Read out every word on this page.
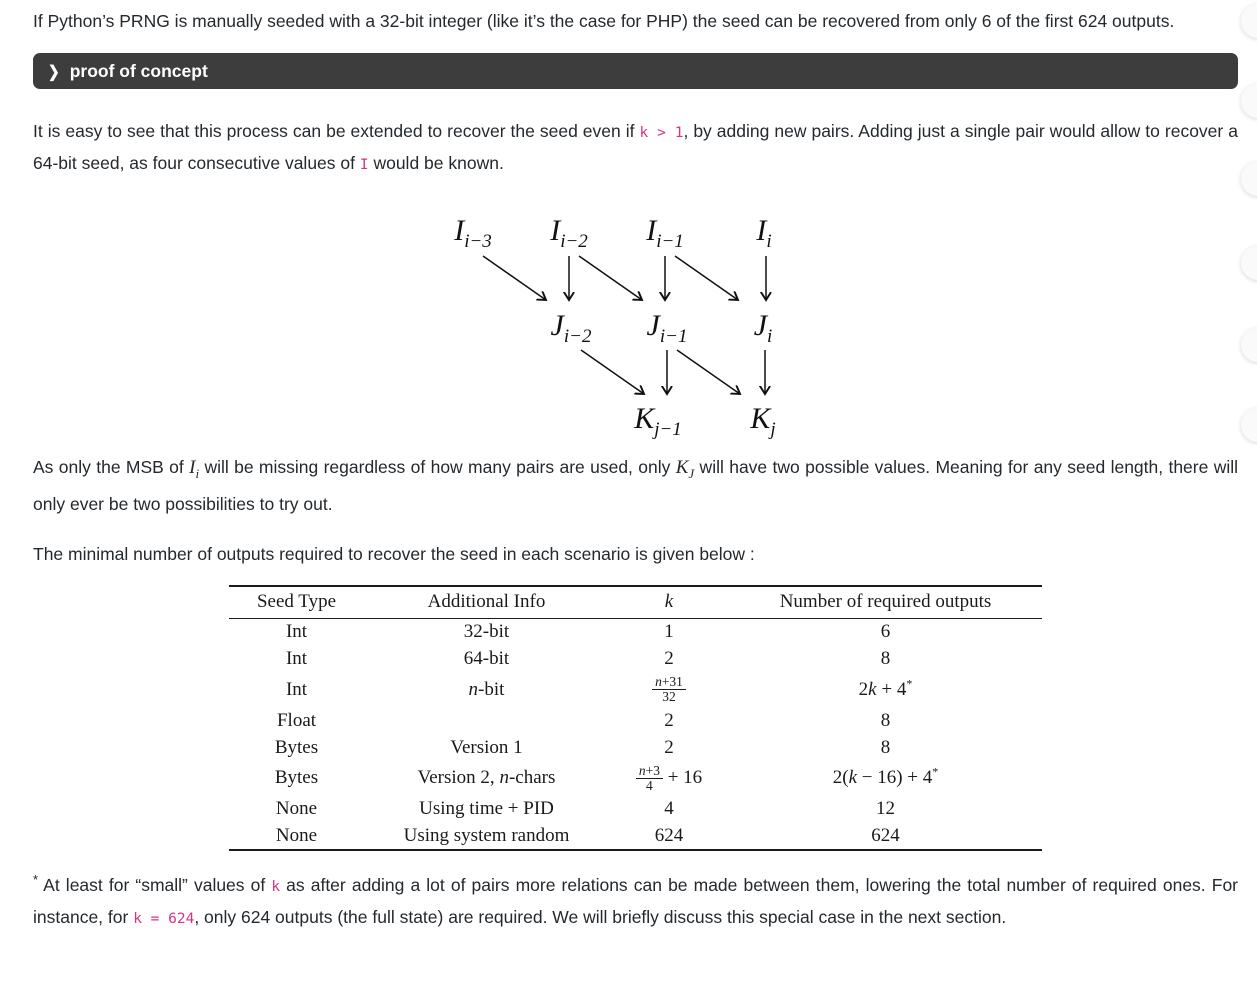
If Python’s PRNG is manually seeded with a 32-bit integer (like it’s the case for PHP) the seed can be recovered from only 6 of the first 624 outputs.

❯ proof of concept

It is easy to see that this process can be extended to recover the seed even if k > 1, by adding new pairs. Adding just a single pair would allow to recover a 64-bit seed, as four consecutive values of I would be known.

$I_{i-3}$ $I_{i-2}$ $I_{i-1}$ $I_i$
$J_{i-2}$ $J_{i-1}$ $J_i$
$K_{j-1}$ $K_j$

As only the MSB of $I_i$ will be missing regardless of how many pairs are used, only $K_J$ will have two possible values. Meaning for any seed length, there will only ever be two possibilities to try out.

The minimal number of outputs required to recover the seed in each scenario is given below :

Seed Type	Additional Info	k	Number of required outputs
Int	32-bit	1	6
Int	64-bit	2	8
Int	n-bit	$\frac{n+31}{32}$	2k + 4*
Float		2	8
Bytes	Version 1	2	8
Bytes	Version 2, n-chars	$\frac{n+3}{4} + 16$	2(k − 16) + 4*
None	Using time + PID	4	12
None	Using system random	624	624

* At least for “small” values of k as after adding a lot of pairs more relations can be made between them, lowering the total number of required ones. For instance, for k = 624, only 624 outputs (the full state) are required. We will briefly discuss this special case in the next section.
